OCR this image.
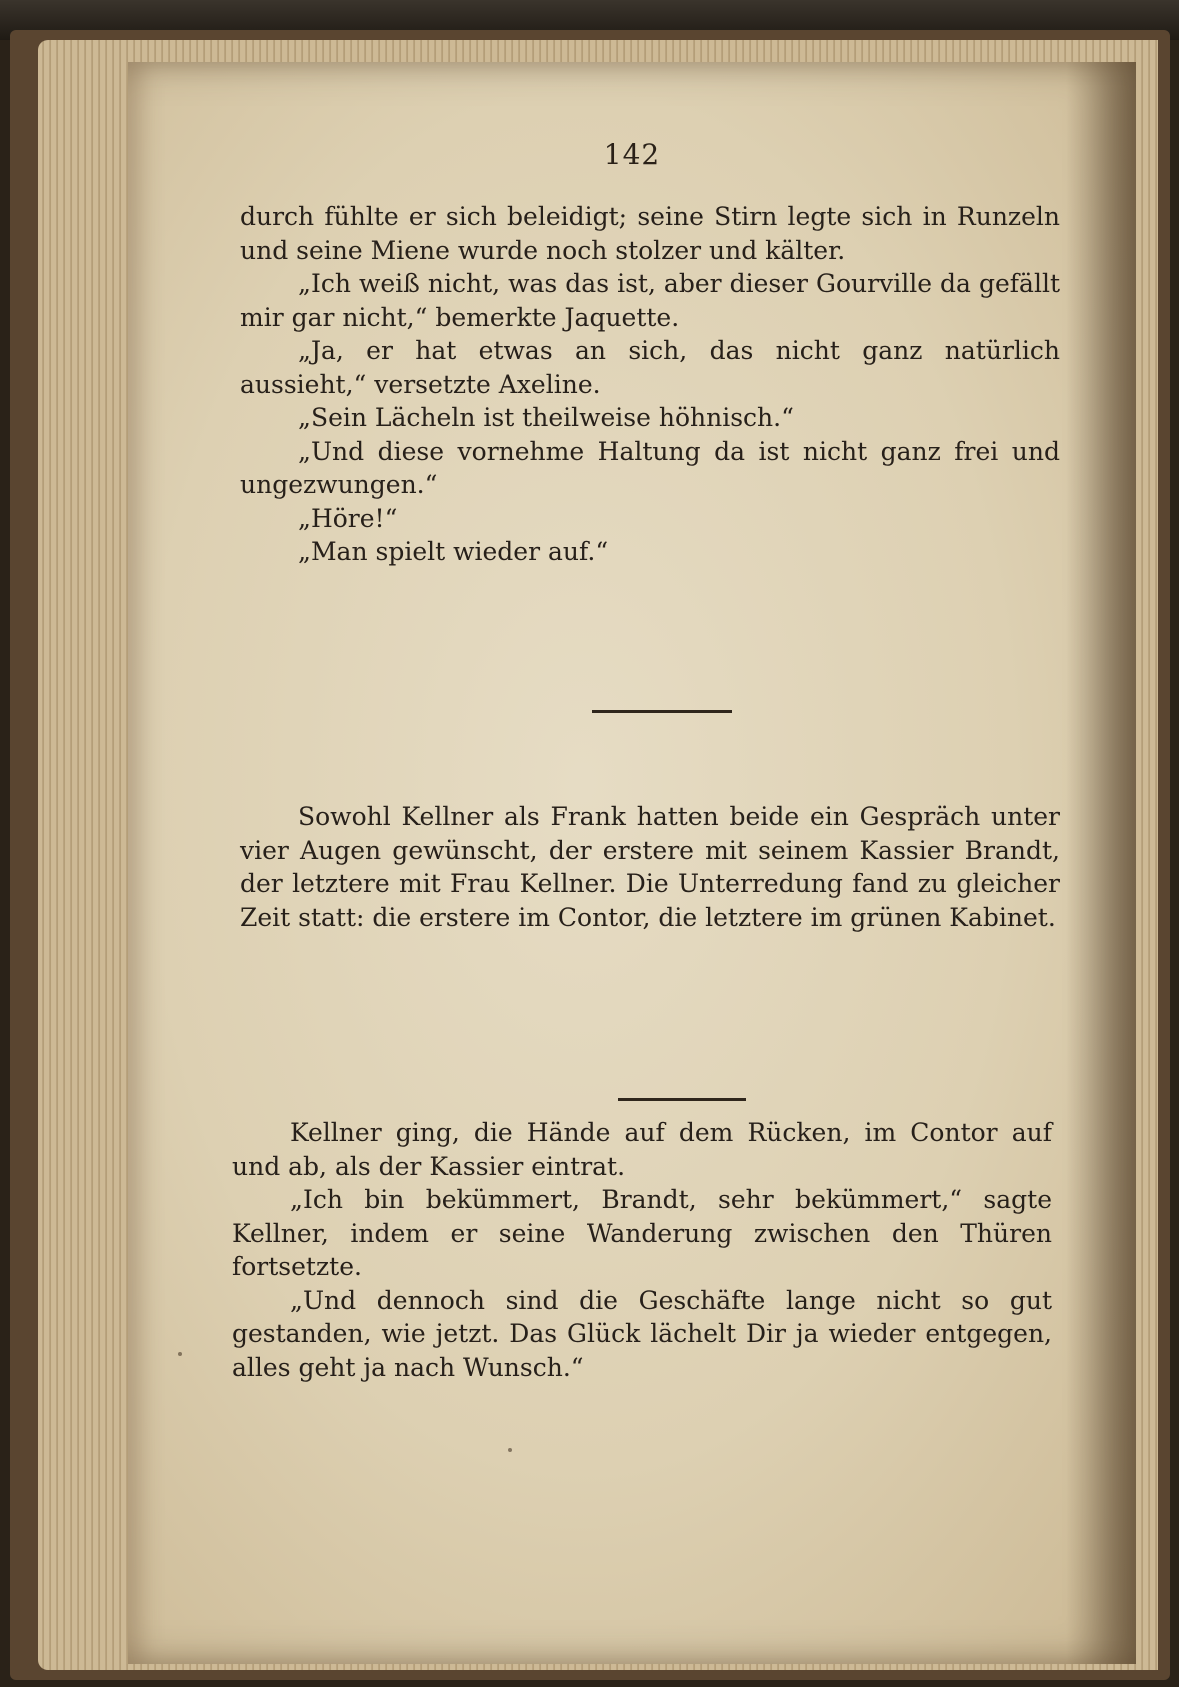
142

durch fühlte er sich beleidigt; seine Stirn legte sich in Runzeln und seine Miene wurde noch stolzer und kälter.

„Ich weiß nicht, was das ist, aber dieser Gourville da gefällt mir gar nicht,“ bemerkte Jaquette.

„Ja, er hat etwas an sich, das nicht ganz natürlich aussieht,“ versetzte Axeline.

„Sein Lächeln ist theilweise höhnisch.“

„Und diese vornehme Haltung da ist nicht ganz frei und ungezwungen.“

„Höre!“

„Man spielt wieder auf.“

Sowohl Kellner als Frank hatten beide ein Gespräch unter vier Augen gewünscht, der erstere mit seinem Kassier Brandt, der letztere mit Frau Kellner. Die Unterredung fand zu gleicher Zeit statt: die erstere im Contor, die letztere im grünen Kabinet.

Kellner ging, die Hände auf dem Rücken, im Contor auf und ab, als der Kassier eintrat.

„Ich bin bekümmert, Brandt, sehr bekümmert,“ sagte Kellner, indem er seine Wanderung zwischen den Thüren fortsetzte.

„Und dennoch sind die Geschäfte lange nicht so gut gestanden, wie jetzt. Das Glück lächelt Dir ja wieder entgegen, alles geht ja nach Wunsch.“
